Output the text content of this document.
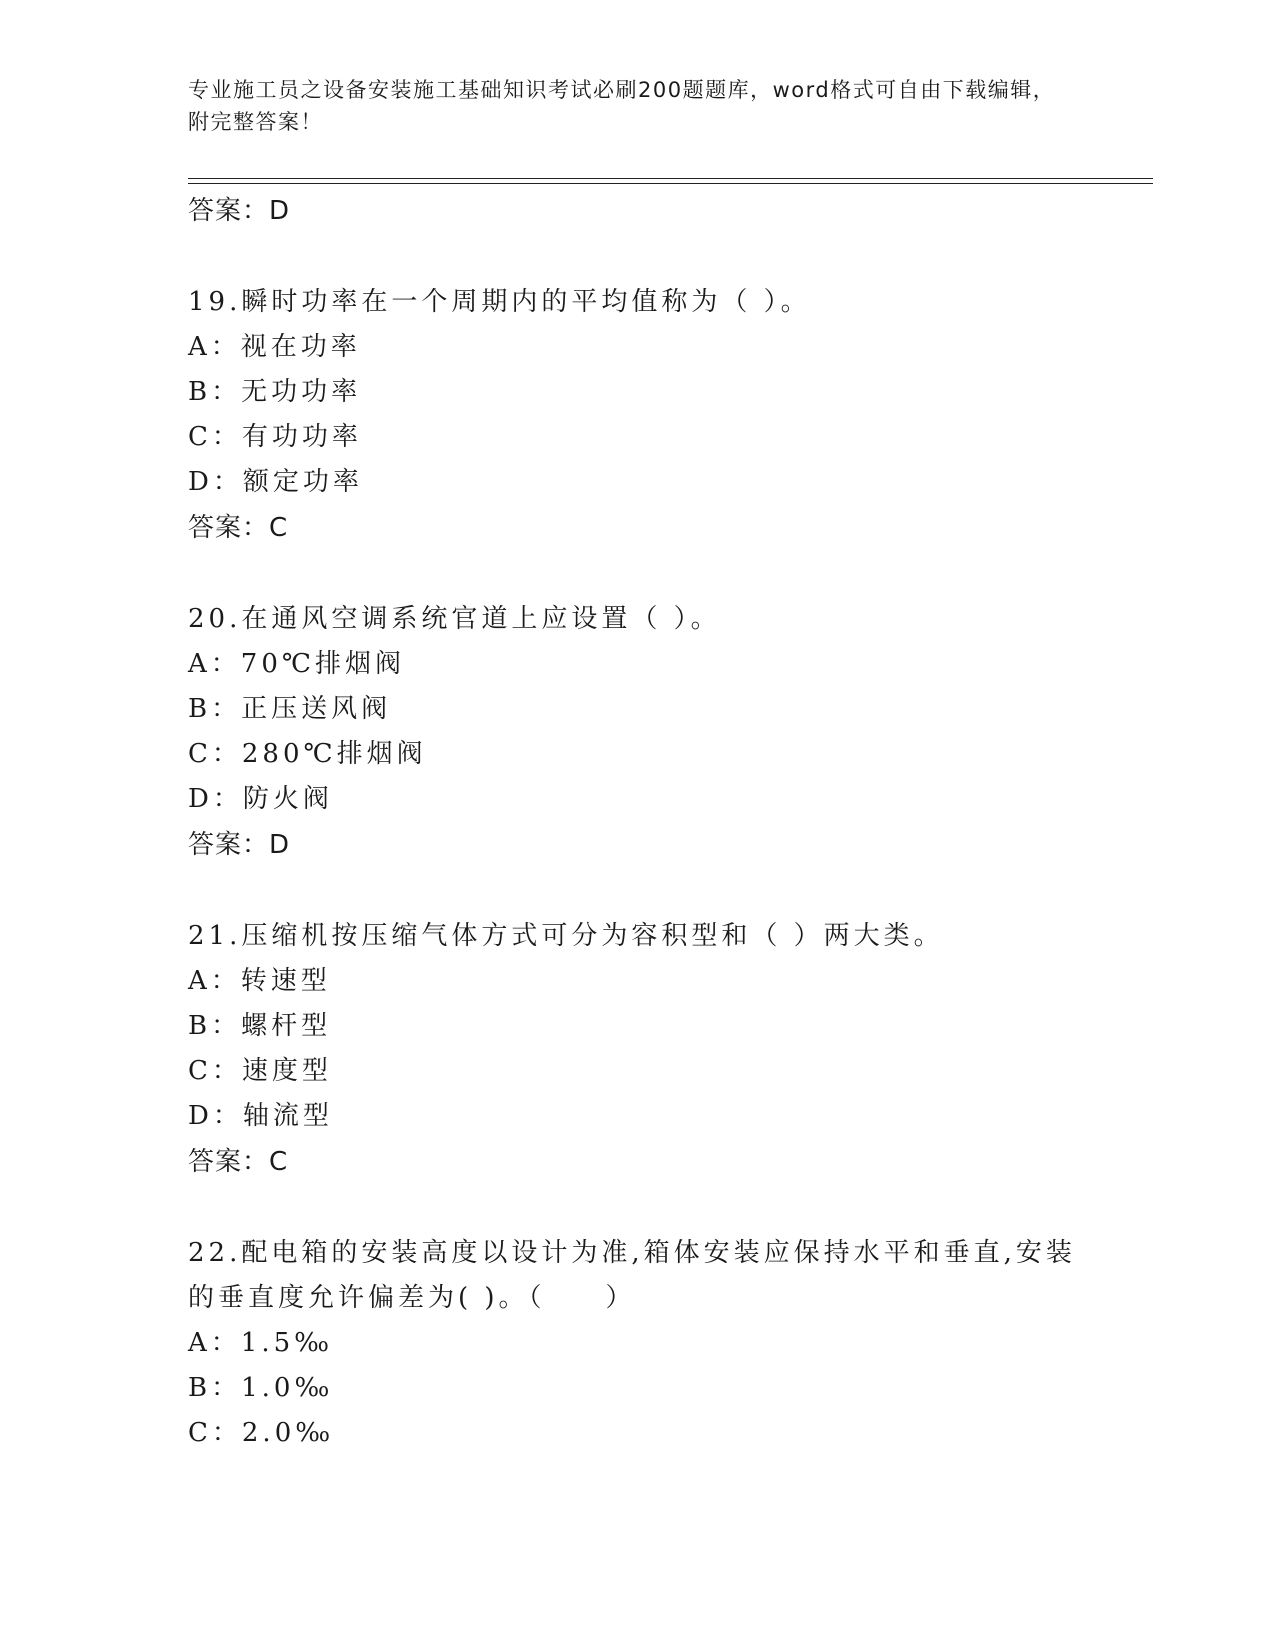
专业施工员之设备安装施工基础知识考试必刷200题题库，word格式可自由下载编辑，附完整答案！
答案：D

19.瞬时功率在一个周期内的平均值称为（ ）。

A：视在功率
B：无功功率
C：有功功率
D：额定功率
答案：C

20.在通风空调系统官道上应设置（ ）。

A：70℃排烟阀
B：正压送风阀
C：280℃排烟阀
D：防火阀
答案：D

21.压缩机按压缩气体方式可分为容积型和（ ）两大类。

A：转速型
B：螺杆型
C：速度型
D：轴流型
答案：C

22.配电箱的安装高度以设计为准,箱体安装应保持水平和垂直,安装的垂直度允许偏差为( )。（　　）

A：1.5‰
B：1.0‰
C：2.0‰
